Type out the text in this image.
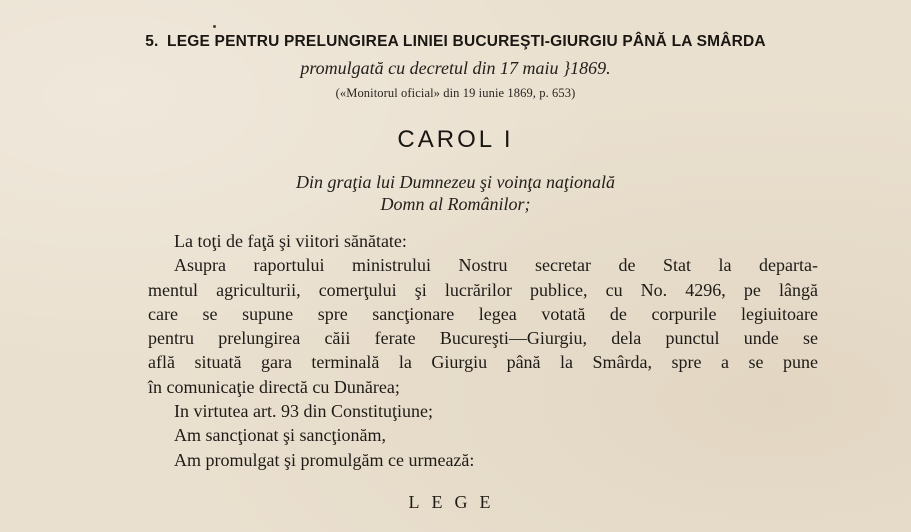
5. LEGE PENTRU PRELUNGIREA LINIEI BUCUREŞTI-GIURGIU PÂNĂ LA SMÂRDA
promulgată cu decretul din 17 maiu }1869.
(«Monitorul oficial» din 19 iunie 1869, p. 653)
CAROL I
Din graţia lui Dumnezeu şi voinţa naţională
Domn al Românilor;
La toţi de faţă şi viitori sănătate:
Asupra raportului ministrului Nostru secretar de Stat la departa-
mentul agriculturii, comerţului şi lucrărilor publice, cu No. 4296, pe lângă
care se supune spre sancţionare legea votată de corpurile legiuitoare
pentru prelungirea căii ferate Bucureşti—Giurgiu, dela punctul unde se
află situată gara terminală la Giurgiu până la Smârda, spre a se pune
în comunicaţie directă cu Dunărea;
In virtutea art. 93 din Constituţiune;
Am sancţionat şi sancţionăm,
Am promulgat şi promulgăm ce urmează:
LEGE
